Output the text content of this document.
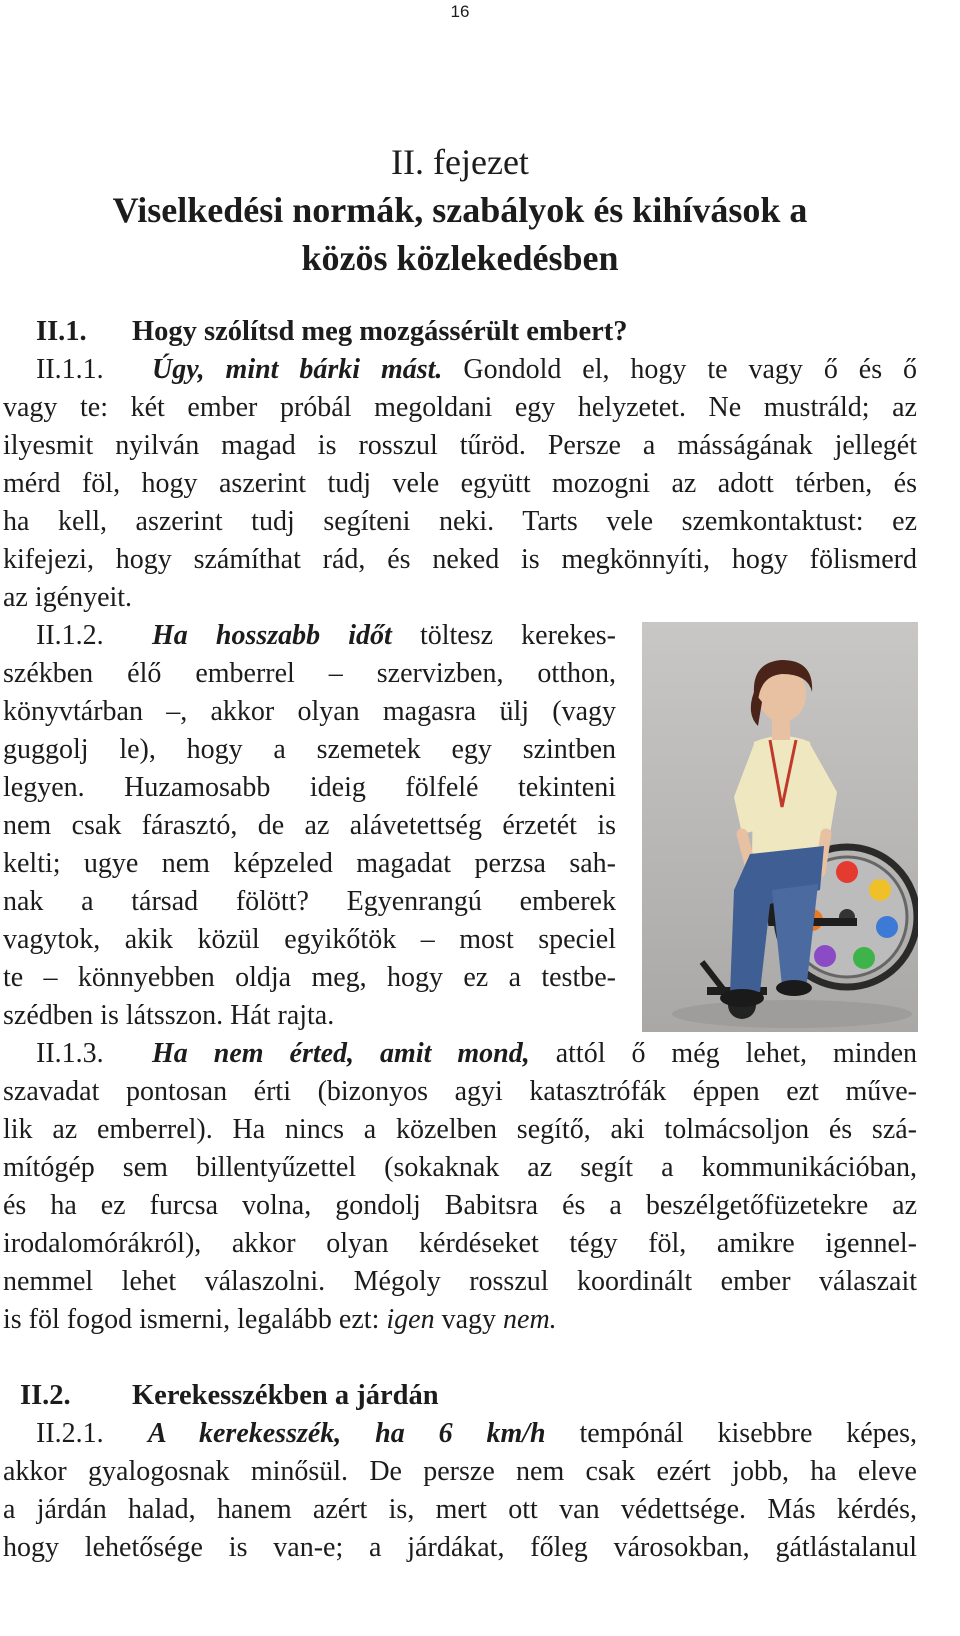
16
II. fejezet
Viselkedési normák, szabályok és kihívások a
közös közlekedésben
II.1. Hogy szólítsd meg mozgássérült embert?
II.1.1. Úgy, mint bárki mást. Gondold el, hogy te vagy ő és ő
vagy te: két ember próbál megoldani egy helyzetet. Ne mustráld; az
ilyesmit nyilván magad is rosszul tűröd. Persze a másságának jellegét
mérd föl, hogy aszerint tudj vele együtt mozogni az adott térben, és
ha kell, aszerint tudj segíteni neki. Tarts vele szemkontaktust: ez
kifejezi, hogy számíthat rád, és neked is megkönnyíti, hogy fölismerd
az igényeit.
II.1.2. Ha hosszabb időt töltesz kerekes-
székben élő emberrel – szervizben, otthon,
könyvtárban –, akkor olyan magasra ülj (vagy
guggolj le), hogy a szemetek egy szintben
legyen. Huzamosabb ideig fölfelé tekinteni
nem csak fárasztó, de az alávetettség érzetét is
kelti; ugye nem képzeled magadat perzsa sah-
nak a társad fölött? Egyenrangú emberek
vagytok, akik közül egyikőtök – most speciel
te – könnyebben oldja meg, hogy ez a testbe-
szédben is látsszon. Hát rajta.
II.1.3. Ha nem érted, amit mond, attól ő még lehet, minden
szavadat pontosan érti (bizonyos agyi katasztrófák éppen ezt műve-
lik az emberrel). Ha nincs a közelben segítő, aki tolmácsoljon és szá-
mítógép sem billentyűzettel (sokaknak az segít a kommunikációban,
és ha ez furcsa volna, gondolj Babitsra és a beszélgetőfüzetekre az
irodalomórákról), akkor olyan kérdéseket tégy föl, amikre igennel-
nemmel lehet válaszolni. Mégoly rosszul koordinált ember válaszait
is föl fogod ismerni, legalább ezt: igen vagy nem.
II.2. Kerekesszékben a járdán
II.2.1. A kerekesszék, ha 6 km/h tempónál kisebbre képes,
akkor gyalogosnak minősül. De persze nem csak ezért jobb, ha eleve
a járdán halad, hanem azért is, mert ott van védettsége. Más kérdés,
hogy lehetősége is van-e; a járdákat, főleg városokban, gátlástalanul
